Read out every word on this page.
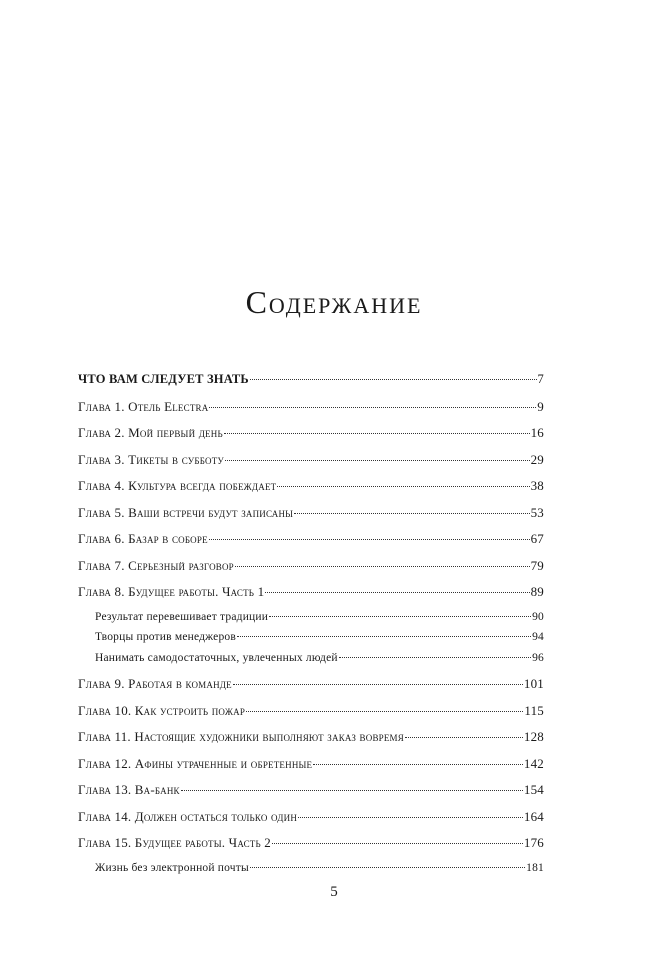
Содержание
ЧТО ВАМ СЛЕДУЕТ ЗНАТЬ	7
Глава 1. Отель Electra	9
Глава 2. Мой первый день	16
Глава 3. Тикеты в субботу	29
Глава 4. Культура всегда побеждает	38
Глава 5. Ваши встречи будут записаны	53
Глава 6. Базар в соборе	67
Глава 7. Серьезный разговор	79
Глава 8. Будущее работы. Часть 1	89
Результат перевешивает традиции	90
Творцы против менеджеров	94
Нанимать самодостаточных, увлеченных людей	96
Глава 9. Работая в команде	101
Глава 10. Как устроить пожар	115
Глава 11. Настоящие художники выполняют заказ вовремя	128
Глава 12. Афины утраченные и обретенные	142
Глава 13. Ва-банк	154
Глава 14. Должен остаться только один	164
Глава 15. Будущее работы. Часть 2	176
Жизнь без электронной почты	181
5
